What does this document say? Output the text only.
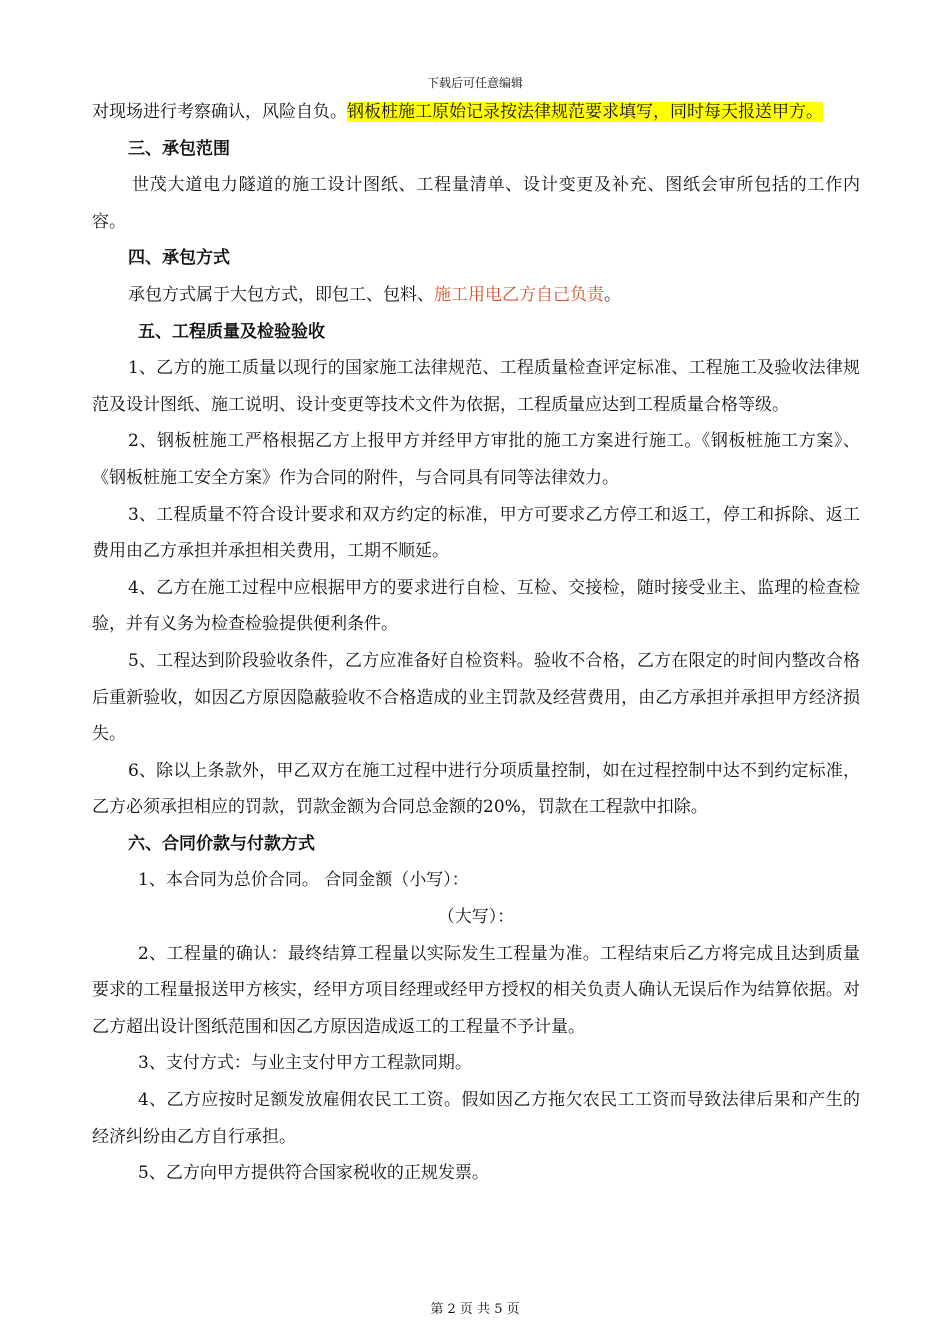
下载后可任意编辑

对现场进行考察确认，风险自负。钢板桩施工原始记录按法律规范要求填写，同时每天报送甲方。

三、承包范围

世茂大道电力隧道的施工设计图纸、工程量清单、设计变更及补充、图纸会审所包括的工作内容。

四、承包方式

承包方式属于大包方式，即包工、包料、施工用电乙方自己负责。

五、工程质量及检验验收

1、乙方的施工质量以现行的国家施工法律规范、工程质量检查评定标准、工程施工及验收法律规范及设计图纸、施工说明、设计变更等技术文件为依据，工程质量应达到工程质量合格等级。

2、钢板桩施工严格根据乙方上报甲方并经甲方审批的施工方案进行施工。《钢板桩施工方案》、《钢板桩施工安全方案》作为合同的附件，与合同具有同等法律效力。

3、工程质量不符合设计要求和双方约定的标准，甲方可要求乙方停工和返工，停工和拆除、返工费用由乙方承担并承担相关费用，工期不顺延。

4、乙方在施工过程中应根据甲方的要求进行自检、互检、交接检，随时接受业主、监理的检查检验，并有义务为检查检验提供便利条件。

5、工程达到阶段验收条件，乙方应准备好自检资料。验收不合格，乙方在限定的时间内整改合格后重新验收，如因乙方原因隐蔽验收不合格造成的业主罚款及经营费用，由乙方承担并承担甲方经济损失。

6、除以上条款外，甲乙双方在施工过程中进行分项质量控制，如在过程控制中达不到约定标准，乙方必须承担相应的罚款，罚款金额为合同总金额的20%，罚款在工程款中扣除。

六、合同价款与付款方式

1、本合同为总价合同。 合同金额（小写）：

（大写）：

2、工程量的确认：最终结算工程量以实际发生工程量为准。工程结束后乙方将完成且达到质量要求的工程量报送甲方核实，经甲方项目经理或经甲方授权的相关负责人确认无误后作为结算依据。对乙方超出设计图纸范围和因乙方原因造成返工的工程量不予计量。

3、支付方式：与业主支付甲方工程款同期。

4、乙方应按时足额发放雇佣农民工工资。假如因乙方拖欠农民工工资而导致法律后果和产生的经济纠纷由乙方自行承担。

5、乙方向甲方提供符合国家税收的正规发票。

第 2 页 共 5 页
